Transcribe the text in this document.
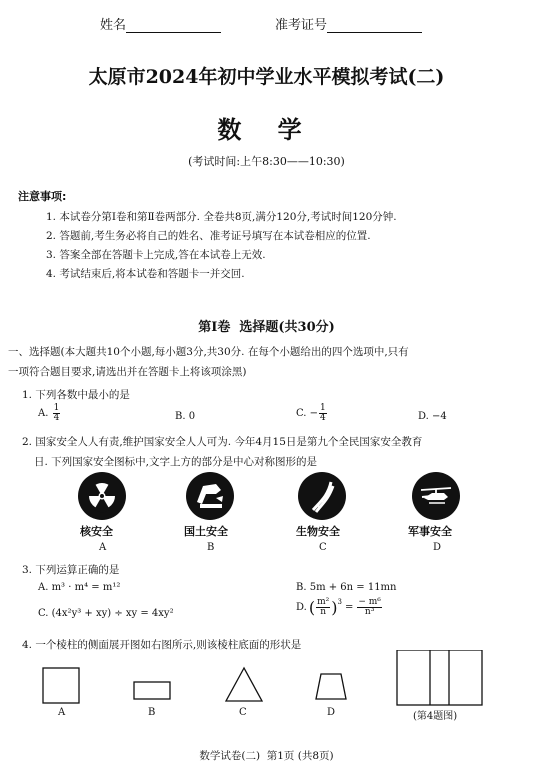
姓名	准考证号
太原市2024年初中学业水平模拟考试(二)
数 学
(考试时间:上午8:30——10:30)
注意事项:
1. 本试卷分第Ⅰ卷和第Ⅱ卷两部分. 全卷共8页,满分120分,考试时间120分钟.
2. 答题前,考生务必将自己的姓名、准考证号填写在本试卷相应的位置.
3. 答案全部在答题卡上完成,答在本试卷上无效.
4. 考试结束后,将本试卷和答题卡一并交回.
第Ⅰ卷  选择题(共30分)
一、选择题(本大题共10个小题,每小题3分,共30分. 在每个小题给出的四个选项中,只有
一项符合题目要求,请选出并在答题卡上将该项涂黑)
1. 下列各数中最小的是
A. $\frac{1}{4}$	B. 0	C. − $\frac{1}{4}$	D. −4
2. 国家安全人人有责,维护国家安全人人可为. 今年4月15日是第九个全民国家安全教育
日. 下列国家安全图标中,文字上方的部分是中心对称图形的是
核安全
A
国土安全
B
生物安全
C
军事安全
D
3. 下列运算正确的是
A. m³ · m⁴ = m¹²	B. 5m + 6n = 11mn
C. (4x²y³ + xy) ÷ xy = 4xy²
D. ( $\frac{\text{m²}}{n} )^3 = \frac{\text{− m⁶}}{\text{n³}}$
4. 一个棱柱的侧面展开图如右图所示,则该棱柱底面的形状是
A	B	C	D	(第4题图)
数学试卷(二)  第1页 (共8页)
